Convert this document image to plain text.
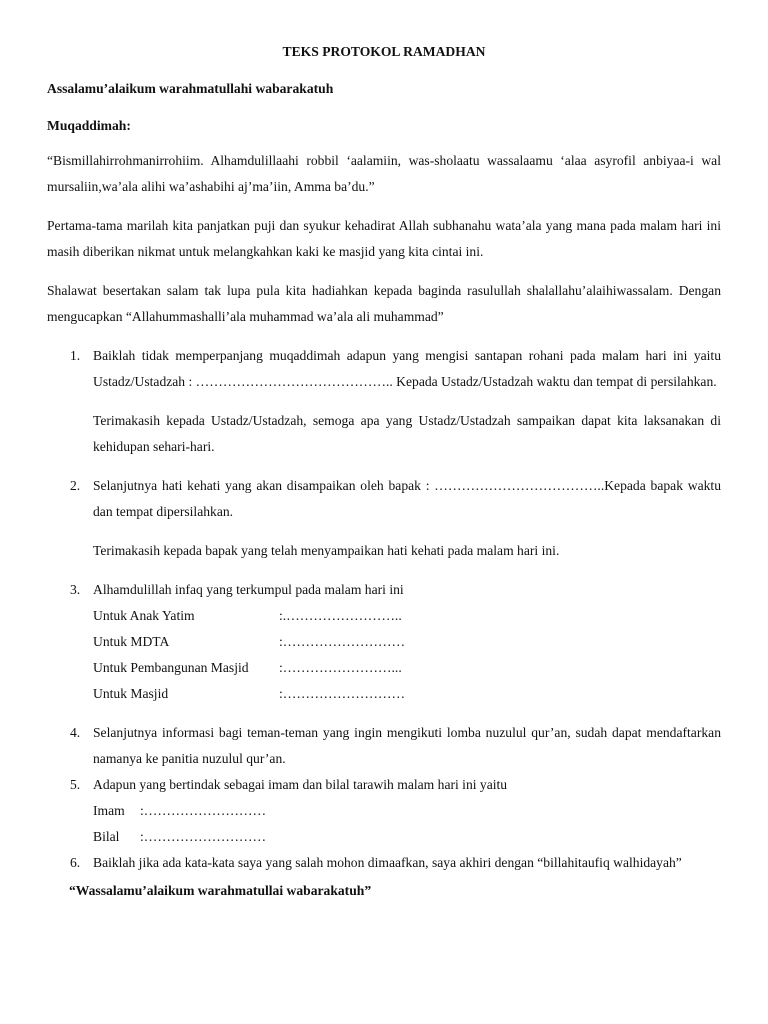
TEKS PROTOKOL RAMADHAN
Assalamu’alaikum warahmatullahi wabarakatuh
Muqaddimah:

“Bismillahirrohmanirrohiim. Alhamdulillaahi robbil ‘aalamiin, was-sholaatu wassalaamu ‘alaa asyrofil anbiyaa-i wal mursaliin,wa’ala alihi wa’ashabihi aj’ma’iin, Amma ba’du.”

Pertama-tama marilah kita panjatkan puji dan syukur kehadirat Allah subhanahu wata’ala yang mana pada malam hari ini masih diberikan nikmat untuk melangkahkan kaki ke masjid yang kita cintai ini.

Shalawat besertakan salam tak lupa pula kita hadiahkan kepada baginda rasulullah shalallahu’alaihiwassalam. Dengan mengucapkan “Allahummashalli’ala muhammad wa’ala ali muhammad”

1. Baiklah tidak memperpanjang muqaddimah adapun yang mengisi santapan rohani pada malam hari ini yaitu Ustadz/Ustadzah : …………………………………….. Kepada Ustadz/Ustadzah waktu dan tempat di persilahkan.
Terimakasih kepada Ustadz/Ustadzah, semoga apa yang Ustadz/Ustadzah sampaikan dapat kita laksanakan di kehidupan sehari-hari.
2. Selanjutnya hati kehati yang akan disampaikan oleh bapak : ………………………………..Kepada bapak waktu dan tempat dipersilahkan.
Terimakasih kepada bapak yang telah menyampaikan hati kehati pada malam hari ini.
3. Alhamdulillah infaq yang terkumpul pada malam hari ini
Untuk Anak Yatim	:.……………………..
Untuk MDTA	:………………………
Untuk Pembangunan Masjid	:……………………...
Untuk Masjid	:………………………
4. Selanjutnya informasi bagi teman-teman yang ingin mengikuti lomba nuzulul qur’an, sudah dapat mendaftarkan namanya ke panitia nuzulul qur’an.
5. Adapun yang bertindak sebagai imam dan bilal tarawih malam hari ini yaitu
Imam	:………………………
Bilal	:………………………
6. Baiklah jika ada kata-kata saya yang salah mohon dimaafkan, saya akhiri dengan “billahitaufiq walhidayah”
“Wassalamu’alaikum warahmatullai wabarakatuh”
